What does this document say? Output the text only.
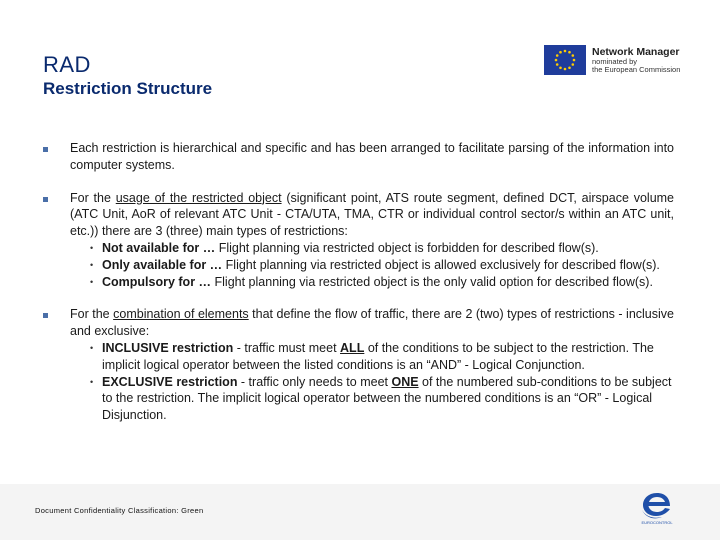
RAD
Restriction Structure
Network Manager
nominated by
the European Commission
Each restriction is hierarchical and specific and has been arranged to facilitate parsing of the information into computer systems.
For the usage of the restricted object (significant point, ATS route segment, defined DCT, airspace volume (ATC Unit, AoR of relevant ATC Unit - CTA/UTA, TMA, CTR or individual control sector/s within an ATC unit, etc.)) there are 3 (three) main types of restrictions:
• Not available for … Flight planning via restricted object is forbidden for described flow(s).
• Only available for … Flight planning via restricted object is allowed exclusively for described flow(s).
• Compulsory for … Flight planning via restricted object is the only valid option for described flow(s).
For the combination of elements that define the flow of traffic, there are 2 (two) types of restrictions - inclusive and exclusive:
• INCLUSIVE restriction - traffic must meet ALL of the conditions to be subject to the restriction. The implicit logical operator between the listed conditions is an “AND” - Logical Conjunction.
• EXCLUSIVE restriction - traffic only needs to meet ONE of the numbered sub-conditions to be subject to the restriction. The implicit logical operator between the numbered conditions is an “OR” - Logical Disjunction.
Document Confidentiality Classification: Green
EUROCONTROL
